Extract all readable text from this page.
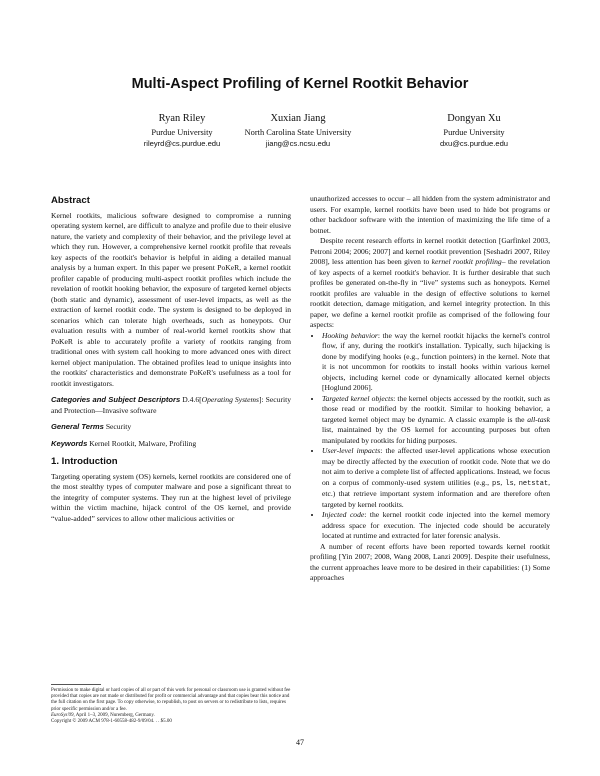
Multi-Aspect Profiling of Kernel Rootkit Behavior
Ryan Riley
Purdue University
rileyrd@cs.purdue.edu
Xuxian Jiang
North Carolina State University
jiang@cs.ncsu.edu
Dongyan Xu
Purdue University
dxu@cs.purdue.edu
Abstract

Kernel rootkits, malicious software designed to compromise a running operating system kernel, are difficult to analyze and profile due to their elusive nature, the variety and complexity of their behavior, and the privilege level at which they run. However, a comprehensive kernel rootkit profile that reveals key aspects of the rootkit's behavior is helpful in aiding a detailed manual analysis by a human expert. In this paper we present PoKeR, a kernel rootkit profiler capable of producing multi-aspect rootkit profiles which include the revelation of rootkit hooking behavior, the exposure of targeted kernel objects (both static and dynamic), assessment of user-level impacts, as well as the extraction of kernel rootkit code. The system is designed to be deployed in scenarios which can tolerate high overheads, such as honeypots. Our evaluation results with a number of real-world kernel rootkits show that PoKeR is able to accurately profile a variety of rootkits ranging from traditional ones with system call hooking to more advanced ones with direct kernel object manipulation. The obtained profiles lead to unique insights into the rootkits' characteristics and demonstrate PoKeR's usefulness as a tool for rootkit investigators.

Categories and Subject Descriptors D.4.6[Operating Systems]: Security and Protection—Invasive software

General Terms Security

Keywords Kernel Rootkit, Malware, Profiling

1. Introduction

Targeting operating system (OS) kernels, kernel rootkits are considered one of the most stealthy types of computer malware and pose a significant threat to the integrity of computer systems. They run at the highest level of privilege within the victim machine, hijack control of the OS kernel, and provide “value-added” services to allow other malicious activities or

unauthorized accesses to occur – all hidden from the system administrator and users. For example, kernel rootkits have been used to hide bot programs or other backdoor software with the intention of maximizing the life time of a botnet.

Despite recent research efforts in kernel rootkit detection [Garfinkel 2003, Petroni 2004; 2006; 2007] and kernel rootkit prevention [Seshadri 2007, Riley 2008], less attention has been given to kernel rootkit profiling– the revelation of key aspects of a kernel rootkit's behavior. It is further desirable that such profiles be generated on-the-fly in “live” systems such as honeypots. Kernel rootkit profiles are valuable in the design of effective solutions to kernel rootkit detection, damage mitigation, and kernel integrity protection. In this paper, we define a kernel rootkit profile as comprised of the following four aspects:

• Hooking behavior: the way the kernel rootkit hijacks the kernel's control flow, if any, during the rootkit's installation. Typically, such hijacking is done by modifying hooks (e.g., function pointers) in the kernel. Note that it is not uncommon for rootkits to install hooks within various kernel objects, including kernel code or dynamically allocated kernel objects [Hoglund 2006].
• Targeted kernel objects: the kernel objects accessed by the rootkit, such as those read or modified by the rootkit. Similar to hooking behavior, a targeted kernel object may be dynamic. A classic example is the all-task list, maintained by the OS kernel for accounting purposes but often manipulated by rootkits for hiding purposes.
• User-level impacts: the affected user-level applications whose execution may be directly affected by the execution of rootkit code. Note that we do not aim to derive a complete list of affected applications. Instead, we focus on a corpus of commonly-used system utilities (e.g., ps, ls, netstat, etc.) that retrieve important system information and are therefore often targeted by kernel rootkits.
• Injected code: the kernel rootkit code injected into the kernel memory address space for execution. The injected code should be accurately located at runtime and extracted for later forensic analysis.

A number of recent efforts have been reported towards kernel rootkit profiling [Yin 2007; 2008, Wang 2008, Lanzi 2009]. Despite their usefulness, the current approaches leave more to be desired in their capabilities: (1) Some approaches

Permission to make digital or hard copies of all or part of this work for personal or classroom use is granted without fee provided that copies are not made or distributed for profit or commercial advantage and that copies bear this notice and the full citation on the first page. To copy otherwise, to republish, to post on servers or to redistribute to lists, requires prior specific permission and/or a fee.

EuroSys'09, April 1–3, 2009, Nuremberg, Germany.

Copyright © 2009 ACM 978-1-60558-482-9/09/04. . . $5.00

47
